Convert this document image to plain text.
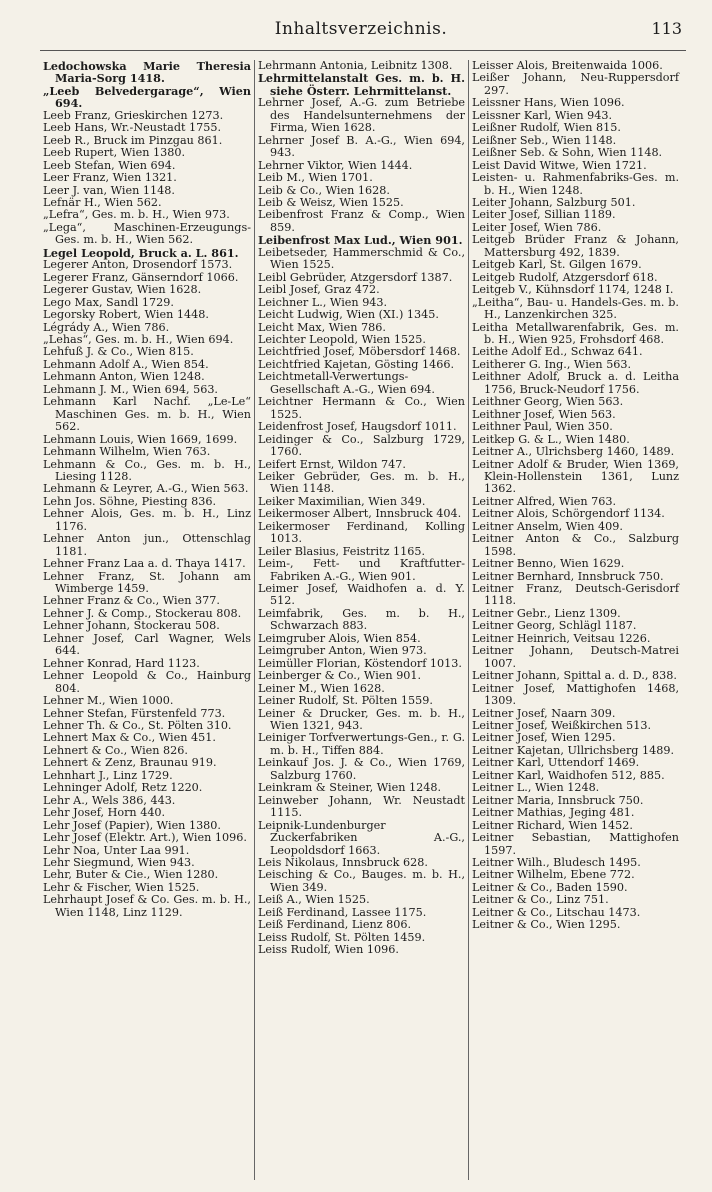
Inhaltsverzeichnis.	113

Ledochowska Marie Theresia Maria-Sorg 1418.

„Leeb Belvedergarage“, Wien 694.

Leeb Franz, Grieskirchen 1273.

Leeb Hans, Wr.-Neustadt 1755.

Leeb R., Bruck im Pinzgau 861.

Leeb Rupert, Wien 1380.

Leeb Stefan, Wien 694.

Leer Franz, Wien 1321.

Leer J. van, Wien 1148.

Lefnär H., Wien 562.

„Lefra“, Ges. m. b. H., Wien 973.

„Lega“, Maschinen-Erzeugungs-Ges. m. b. H., Wien 562.

Legel Leopold, Bruck a. L. 861.

Legerer Anton, Drosendorf 1573.

Legerer Franz, Gänserndorf 1066.

Legerer Gustav, Wien 1628.

Lego Max, Sandl 1729.

Legorsky Robert, Wien 1448.

Légrády A., Wien 786.

„Lehas“, Ges. m. b. H., Wien 694.

Lehfuß J. & Co., Wien 815.

Lehmann Adolf A., Wien 854.

Lehmann Anton, Wien 1248.

Lehmann J. M., Wien 694, 563.

Lehmann Karl Nachf. „Le-Le“ Maschinen Ges. m. b. H., Wien 562.

Lehmann Louis, Wien 1669, 1699.

Lehmann Wilhelm, Wien 763.

Lehmann & Co., Ges. m. b. H., Liesing 1128.

Lehmann & Leyrer, A.-G., Wien 563.

Lehn Jos. Söhne, Piesting 836.

Lehner Alois, Ges. m. b. H., Linz 1176.

Lehner Anton jun., Ottenschlag 1181.

Lehner Franz Laa a. d. Thaya 1417.

Lehner Franz, St. Johann am Wimberge 1459.

Lehner Franz & Co., Wien 377.

Lehner J. & Comp., Stockerau 808.

Lehner Johann, Stockerau 508.

Lehner Josef, Carl Wagner, Wels 644.

Lehner Konrad, Hard 1123.

Lehner Leopold & Co., Hainburg 804.

Lehner M., Wien 1000.

Lehner Stefan, Fürstenfeld 773.

Lehner Th. & Co., St. Pölten 310.

Lehnert Max & Co., Wien 451.

Lehnert & Co., Wien 826.

Lehnert & Zenz, Braunau 919.

Lehnhart J., Linz 1729.

Lehninger Adolf, Retz 1220.

Lehr A., Wels 386, 443.

Lehr Josef, Horn 440.

Lehr Josef (Papier), Wien 1380.

Lehr Josef (Elektr. Art.), Wien 1096.

Lehr Noa, Unter Laa 991.

Lehr Siegmund, Wien 943.

Lehr, Buter & Cie., Wien 1280.

Lehr & Fischer, Wien 1525.

Lehrhaupt Josef & Co. Ges. m. b. H., Wien 1148, Linz 1129.

Lehrmann Antonia, Leibnitz 1308.

Lehrmittelanstalt Ges. m. b. H. siehe Österr. Lehrmittelanst.

Lehrner Josef, A.-G. zum Betriebe des Handelsunternehmens der Firma, Wien 1628.

Lehrner Josef B. A.-G., Wien 694, 943.

Lehrner Viktor, Wien 1444.

Leib M., Wien 1701.

Leib & Co., Wien 1628.

Leib & Weisz, Wien 1525.

Leibenfrost Franz & Comp., Wien 859.

Leibenfrost Max Lud., Wien 901.

Leibetseder, Hammerschmid & Co., Wien 1525.

Leibl Gebrüder, Atzgersdorf 1387.

Leibl Josef, Graz 472.

Leichner L., Wien 943.

Leicht Ludwig, Wien (XI.) 1345.

Leicht Max, Wien 786.

Leichter Leopold, Wien 1525.

Leichtfried Josef, Möbersdorf 1468.

Leichtfried Kajetan, Gösting 1466.

Leichtmetall-Verwertungs-Gesellschaft A.-G., Wien 694.

Leichtner Hermann & Co., Wien 1525.

Leidenfrost Josef, Haugsdorf 1011.

Leidinger & Co., Salzburg 1729, 1760.

Leifert Ernst, Wildon 747.

Leiker Gebrüder, Ges. m. b. H., Wien 1148.

Leiker Maximilian, Wien 349.

Leikermoser Albert, Innsbruck 404.

Leikermoser Ferdinand, Kolling 1013.

Leiler Blasius, Feistritz 1165.

Leim-, Fett- und Kraftfutter-Fabriken A.-G., Wien 901.

Leimer Josef, Waidhofen a. d. Y. 512.

Leimfabrik, Ges. m. b. H., Schwarzach 883.

Leimgruber Alois, Wien 854.

Leimgruber Anton, Wien 973.

Leimüller Florian, Köstendorf 1013.

Leinberger & Co., Wien 901.

Leiner M., Wien 1628.

Leiner Rudolf, St. Pölten 1559.

Leiner & Drucker, Ges. m. b. H., Wien 1321, 943.

Leiniger Torfverwertungs-Gen., r. G. m. b. H., Tiffen 884.

Leinkauf Jos. J. & Co., Wien 1769, Salzburg 1760.

Leinkram & Steiner, Wien 1248.

Leinweber Johann, Wr. Neustadt 1115.

Leipnik-Lundenburger Zuckerfabriken A.-G., Leopoldsdorf 1663.

Leis Nikolaus, Innsbruck 628.

Leisching & Co., Bauges. m. b. H., Wien 349.

Leiß A., Wien 1525.

Leiß Ferdinand, Lassee 1175.

Leiß Ferdinand, Lienz 806.

Leiss Rudolf, St. Pölten 1459.

Leiss Rudolf, Wien 1096.

Leisser Alois, Breitenwaida 1006.

Leißer Johann, Neu-Ruppersdorf 297.

Leissner Hans, Wien 1096.

Leissner Karl, Wien 943.

Leißner Rudolf, Wien 815.

Leißner Seb., Wien 1148.

Leißner Seb. & Sohn, Wien 1148.

Leist David Witwe, Wien 1721.

Leisten- u. Rahmenfabriks-Ges. m. b. H., Wien 1248.

Leiter Johann, Salzburg 501.

Leiter Josef, Sillian 1189.

Leiter Josef, Wien 786.

Leitgeb Brüder Franz & Johann, Mattersburg 492, 1839.

Leitgeb Karl, St. Gilgen 1679.

Leitgeb Rudolf, Atzgersdorf 618.

Leitgeb V., Kühnsdorf 1174, 1248 I.

„Leitha“, Bau- u. Handels-Ges. m. b. H., Lanzenkirchen 325.

Leitha Metallwarenfabrik, Ges. m. b. H., Wien 925, Frohsdorf 468.

Leithe Adolf Ed., Schwaz 641.

Leitherer G. Ing., Wien 563.

Leithner Adolf, Bruck a. d. Leitha 1756, Bruck-Neudorf 1756.

Leithner Georg, Wien 563.

Leithner Josef, Wien 563.

Leithner Paul, Wien 350.

Leitkep G. & L., Wien 1480.

Leitner A., Ulrichsberg 1460, 1489.

Leitner Adolf & Bruder, Wien 1369, Klein-Hollenstein 1361, Lunz 1362.

Leitner Alfred, Wien 763.

Leitner Alois, Schörgendorf 1134.

Leitner Anselm, Wien 409.

Leitner Anton & Co., Salzburg 1598.

Leitner Benno, Wien 1629.

Leitner Bernhard, Innsbruck 750.

Leitner Franz, Deutsch-Gerisdorf 1118.

Leitner Gebr., Lienz 1309.

Leitner Georg, Schlägl 1187.

Leitner Heinrich, Veitsau 1226.

Leitner Johann, Deutsch-Matrei 1007.

Leitner Johann, Spittal a. d. D., 838.

Leitner Josef, Mattighofen 1468, 1309.

Leitner Josef, Naarn 309.

Leitner Josef, Weißkirchen 513.

Leitner Josef, Wien 1295.

Leitner Kajetan, Ullrichsberg 1489.

Leitner Karl, Uttendorf 1469.

Leitner Karl, Waidhofen 512, 885.

Leitner L., Wien 1248.

Leitner Maria, Innsbruck 750.

Leitner Mathias, Jeging 481.

Leitner Richard, Wien 1452.

Leitner Sebastian, Mattighofen 1597.

Leitner Wilh., Bludesch 1495.

Leitner Wilhelm, Ebene 772.

Leitner & Co., Baden 1590.

Leitner & Co., Linz 751.

Leitner & Co., Litschau 1473.

Leitner & Co., Wien 1295.
